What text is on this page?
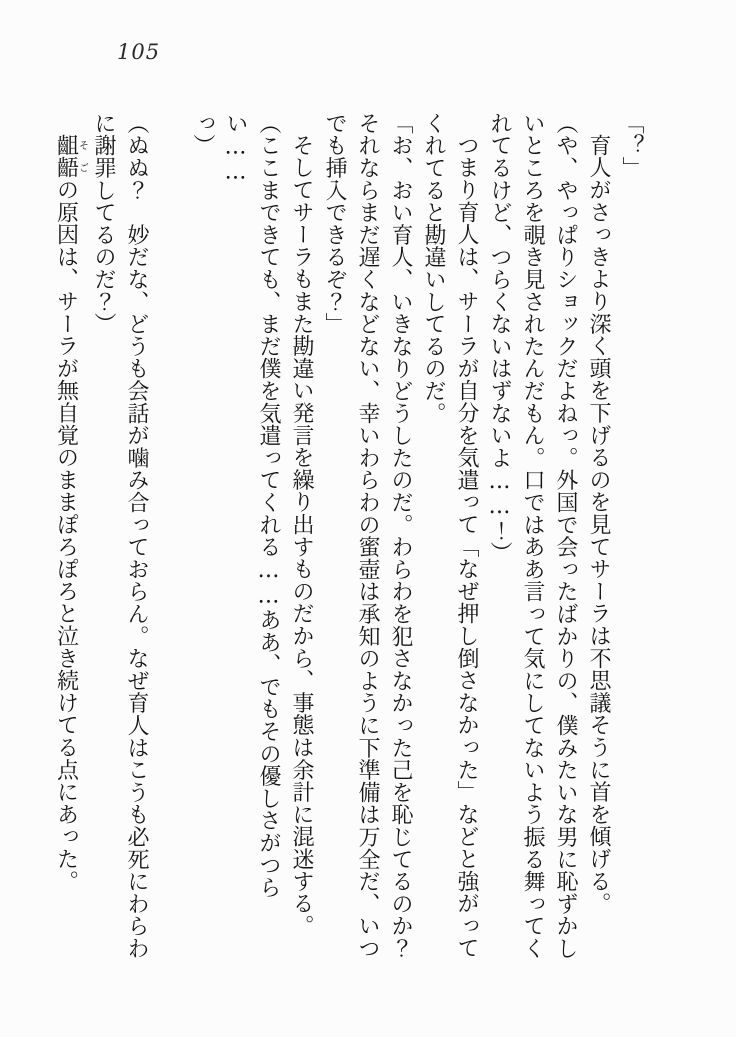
105

「？」

育人がさっきより深く頭を下げるのを見てサーラは不思議そうに首を傾げる。

（や、やっぱりショックだよねっ。外国で会ったばかりの、僕みたいな男に恥ずかし

いところを覗き見されたんだもん。口ではああ言って気にしてないよう振る舞ってく

れてるけど、つらくないはずないよ……！）

つまり育人は、サーラが自分を気遣って「なぜ押し倒さなかった」などと強がって

くれてると勘違いしてるのだ。

「お、おい育人、いきなりどうしたのだ。わらわを犯さなかった己を恥じてるのか？

それならまだ遅くなどない、幸いわらわの蜜壺は承知のように下準備は万全だ、いつ

でも挿入できるぞ？」

そしてサーラもまた勘違い発言を繰り出すものだから、事態は余計に混迷する。

（ここまできても、まだ僕を気遣ってくれる……ああ、でもその優しさがつらい……

っ）

（ぬぬ？　妙だな、どうも会話が噛み合っておらん。なぜ育人はこうも必死にわらわ

に謝罪してるのだ？）

齟齬そごの原因は、サーラが無自覚のままぽろぽろと泣き続けてる点にあった。
